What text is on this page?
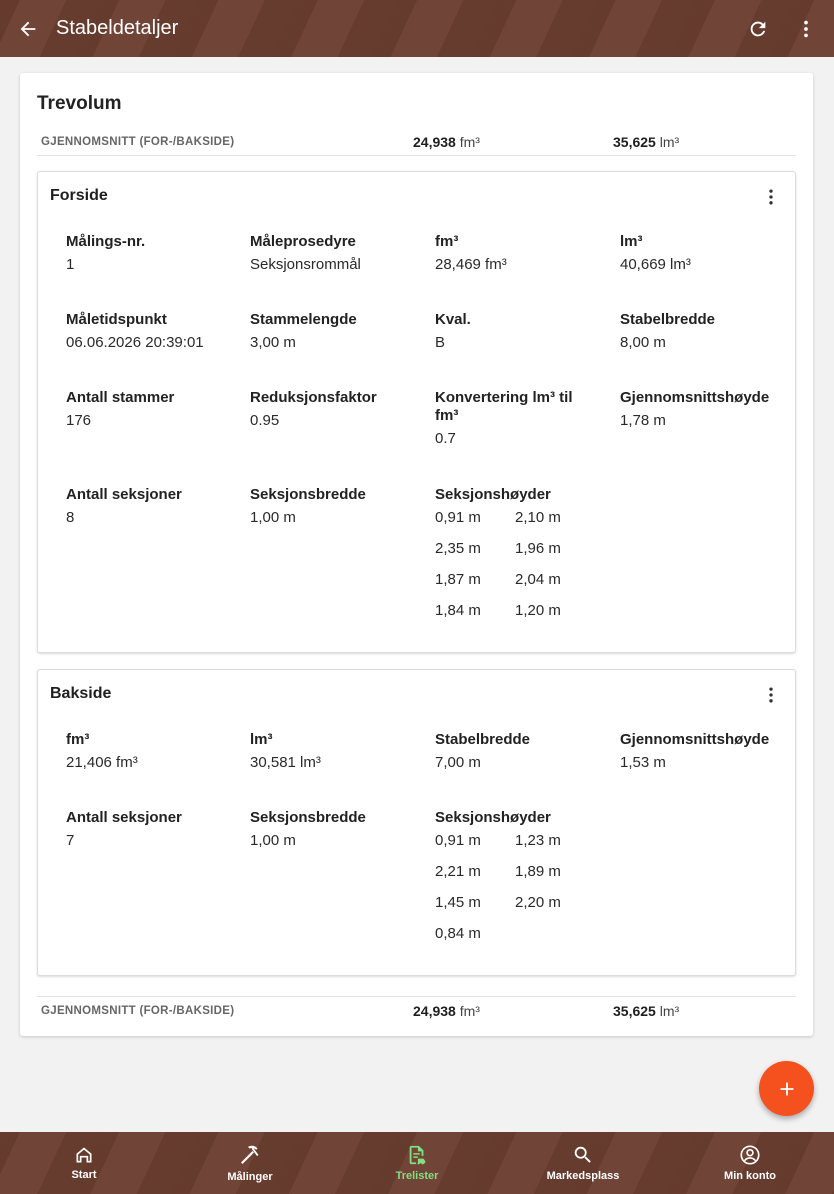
Stabeldetaljer
Trevolum
GJENNOMSNITT (FOR-/BAKSIDE)	24,938 fm³	35,625 lm³
Forside
Målings-nr.
1
Måleprosedyre
Seksjonsrommål
fm³
28,469 fm³
lm³
40,669 lm³
Måletidspunkt
06.06.2026 20:39:01
Stammelengde
3,00 m
Kval.
B
Stabelbredde
8,00 m
Antall stammer
176
Reduksjonsfaktor
0.95
Konvertering lm³ til fm³
0.7
Gjennomsnittshøyde
1,78 m
Antall seksjoner
8
Seksjonsbredde
1,00 m
Seksjonshøyder
0,91 m 2,10 m
2,35 m 1,96 m
1,87 m 2,04 m
1,84 m 1,20 m
Bakside
fm³
21,406 fm³
lm³
30,581 lm³
Stabelbredde
7,00 m
Gjennomsnittshøyde
1,53 m
Antall seksjoner
7
Seksjonsbredde
1,00 m
Seksjonshøyder
0,91 m 1,23 m
2,21 m 1,89 m
1,45 m 2,20 m
0,84 m
GJENNOMSNITT (FOR-/BAKSIDE)	24,938 fm³	35,625 lm³
Start	Målinger	Trelister	Markedsplass	Min konto
